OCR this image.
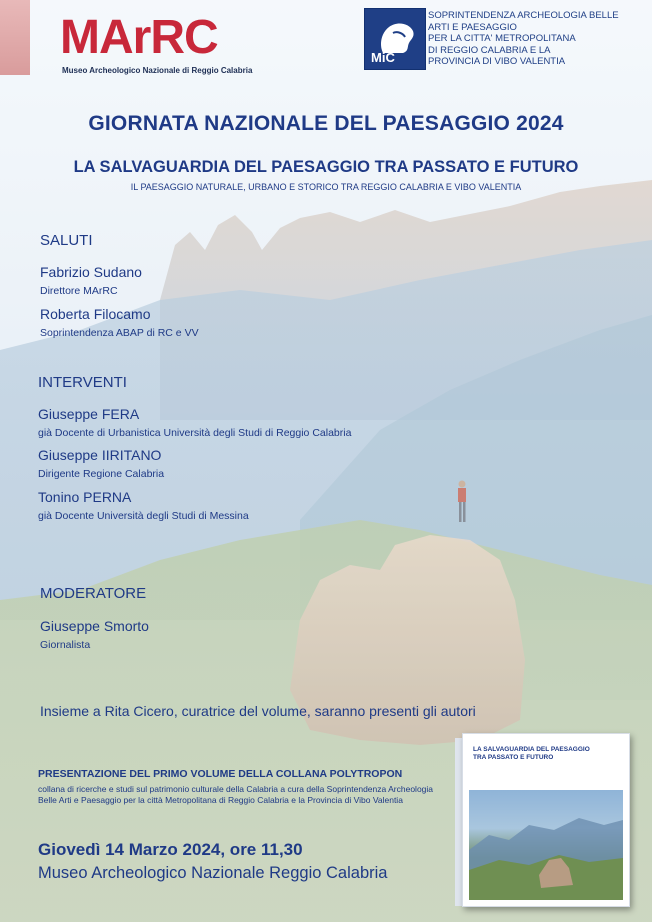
MArRC
Museo Archeologico Nazionale di Reggio Calabria
MiC
SOPRINTENDENZA ARCHEOLOGIA BELLE
ARTI E PAESAGGIO
PER LA CITTA' METROPOLITANA
DI REGGIO CALABRIA E LA
PROVINCIA DI VIBO VALENTIA
GIORNATA NAZIONALE DEL PAESAGGIO 2024
LA SALVAGUARDIA DEL PAESAGGIO TRA PASSATO E FUTURO
IL PAESAGGIO NATURALE, URBANO E STORICO TRA REGGIO CALABRIA E VIBO VALENTIA
SALUTI
Fabrizio Sudano
Direttore MArRC
Roberta Filocamo
Soprintendenza ABAP di RC e VV
INTERVENTI
Giuseppe FERA
già Docente di Urbanistica Università degli Studi di Reggio Calabria
Giuseppe IIRITANO
Dirigente Regione Calabria
Tonino PERNA
già Docente Università degli Studi di Messina
MODERATORE
Giuseppe Smorto
Giornalista
Insieme a Rita Cicero, curatrice del volume, saranno presenti gli autori
PRESENTAZIONE DEL PRIMO VOLUME DELLA COLLANA POLYTROPON
collana di ricerche e studi sul patrimonio culturale della Calabria a cura della Soprintendenza Archeologia Belle Arti e Paesaggio per la città Metropolitana di Reggio Calabria e la Provincia di Vibo Valentia
Giovedì 14 Marzo 2024, ore 11,30
Museo Archeologico Nazionale Reggio Calabria
LA SALVAGUARDIA DEL PAESAGGIO
TRA PASSATO E FUTURO
